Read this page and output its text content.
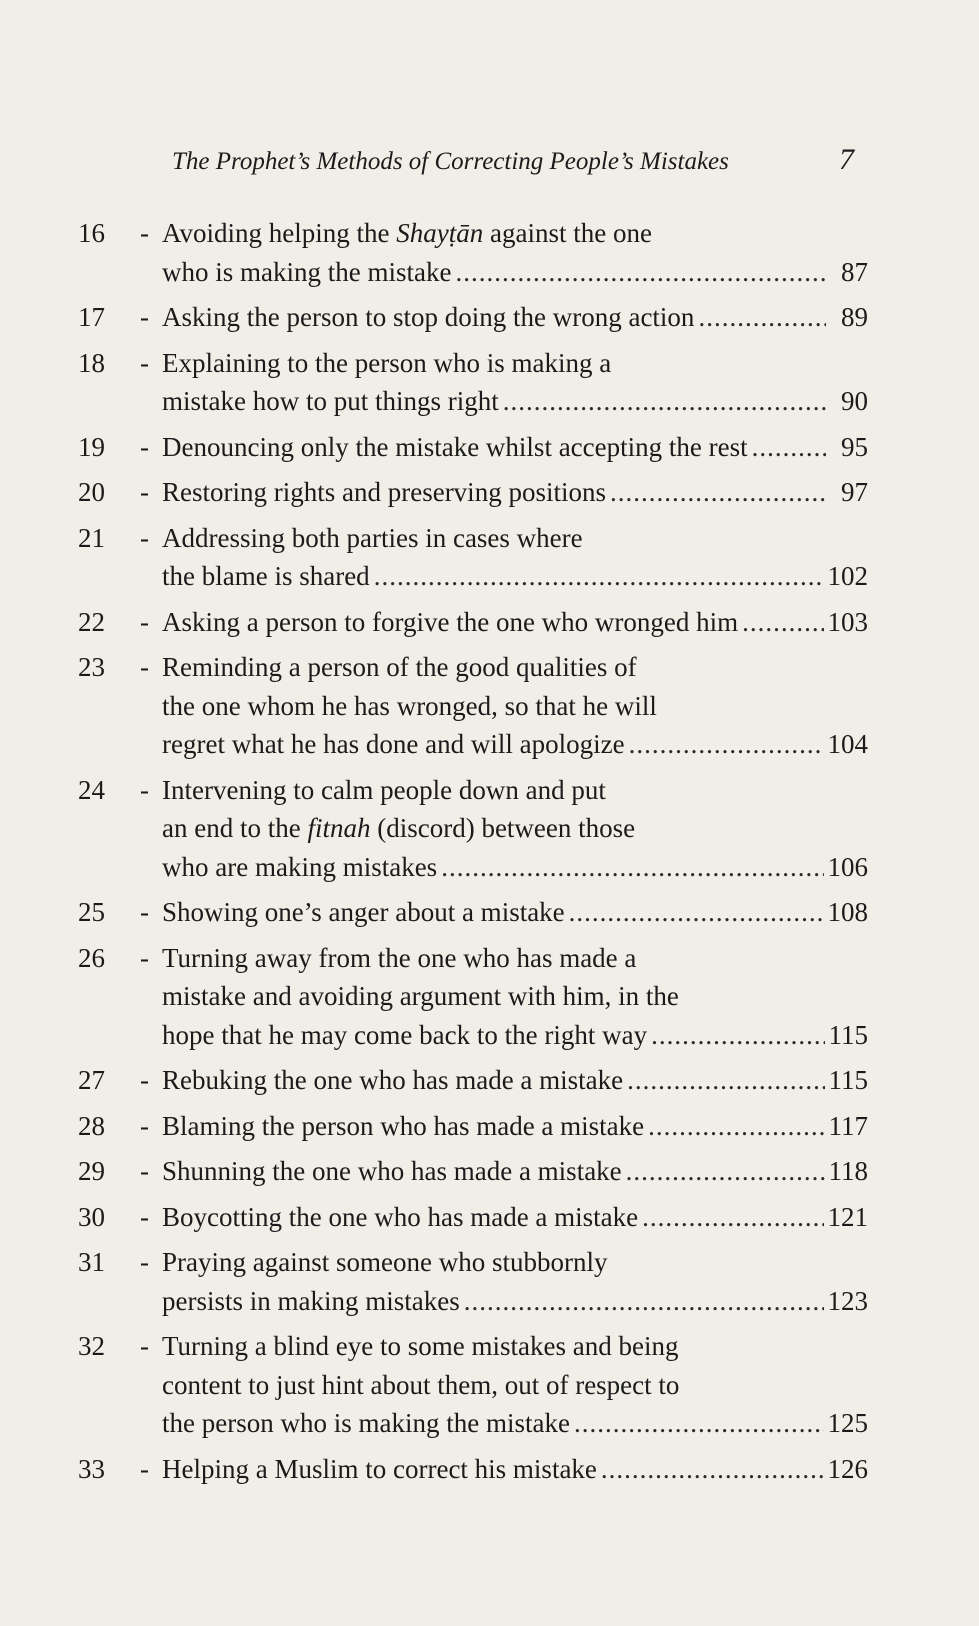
The Prophet’s Methods of Correcting People’s Mistakes	7
16	- Avoiding helping the Shayṭān against the one
who is making the mistake .....	87
17	- Asking the person to stop doing the wrong action .....	89
18	- Explaining to the person who is making a
mistake how to put things right .....	90
19	- Denouncing only the mistake whilst accepting the rest .....	95
20	- Restoring rights and preserving positions .....	97
21	- Addressing both parties in cases where
the blame is shared .....	102
22	- Asking a person to forgive the one who wronged him .....	103
23	- Reminding a person of the good qualities of
the one whom he has wronged, so that he will
regret what he has done and will apologize .....	104
24	- Intervening to calm people down and put
an end to the fitnah (discord) between those
who are making mistakes .....	106
25	- Showing one’s anger about a mistake .....	108
26	- Turning away from the one who has made a
mistake and avoiding argument with him, in the
hope that he may come back to the right way .....	115
27	- Rebuking the one who has made a mistake .....	115
28	- Blaming the person who has made a mistake .....	117
29	- Shunning the one who has made a mistake .....	118
30	- Boycotting the one who has made a mistake .....	121
31	- Praying against someone who stubbornly
persists in making mistakes .....	123
32	- Turning a blind eye to some mistakes and being
content to just hint about them, out of respect to
the person who is making the mistake .....	125
33	- Helping a Muslim to correct his mistake .....	126
